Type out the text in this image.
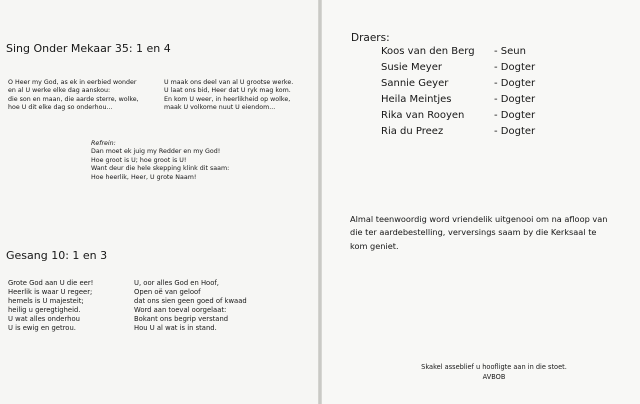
Sing Onder Mekaar 35: 1 en 4
O Heer my God, as ek in eerbied wonder
en al U werke elke dag aanskou:
die son en maan, die aarde sterre, wolke,
hoe U dit elke dag so onderhou...
U maak ons deel van al U grootse werke.
U laat ons bid, Heer dat U ryk mag kom.
En kom U weer, in heerlikheid op wolke,
maak U volkome nuut U eiendom...
Refrein:
Dan moet ek juig my Redder en my God!
Hoe groot is U; hoe groot is U!
Want deur die hele skepping klink dit saam:
Hoe heerlik, Heer, U grote Naam!
Gesang 10: 1 en 3
Grote God aan U die eer!
Heerlik is waar U regeer;
hemels is U majesteit;
heilig u geregtigheid.
U wat alles onderhou
U is ewig en getrou.
U, oor alles God en Hoof,
Open oë van geloof
dat ons sien geen goed of kwaad
Word aan toeval oorgelaat:
Bokant ons begrip verstand
Hou U al wat is in stand.
Draers:
Koos van den Berg - Seun
Susie Meyer	- Dogter
Sannie Geyer	- Dogter
Heila Meintjes	- Dogter
Rika van Rooyen	- Dogter
Ria du Preez	- Dogter
Almal teenwoordig word vriendelik uitgenooi om na afloop van
die ter aardebestelling, verversings saam by die Kerksaal te
kom geniet.
Skakel asseblief u hoofligte aan in die stoet.
AVBOB
